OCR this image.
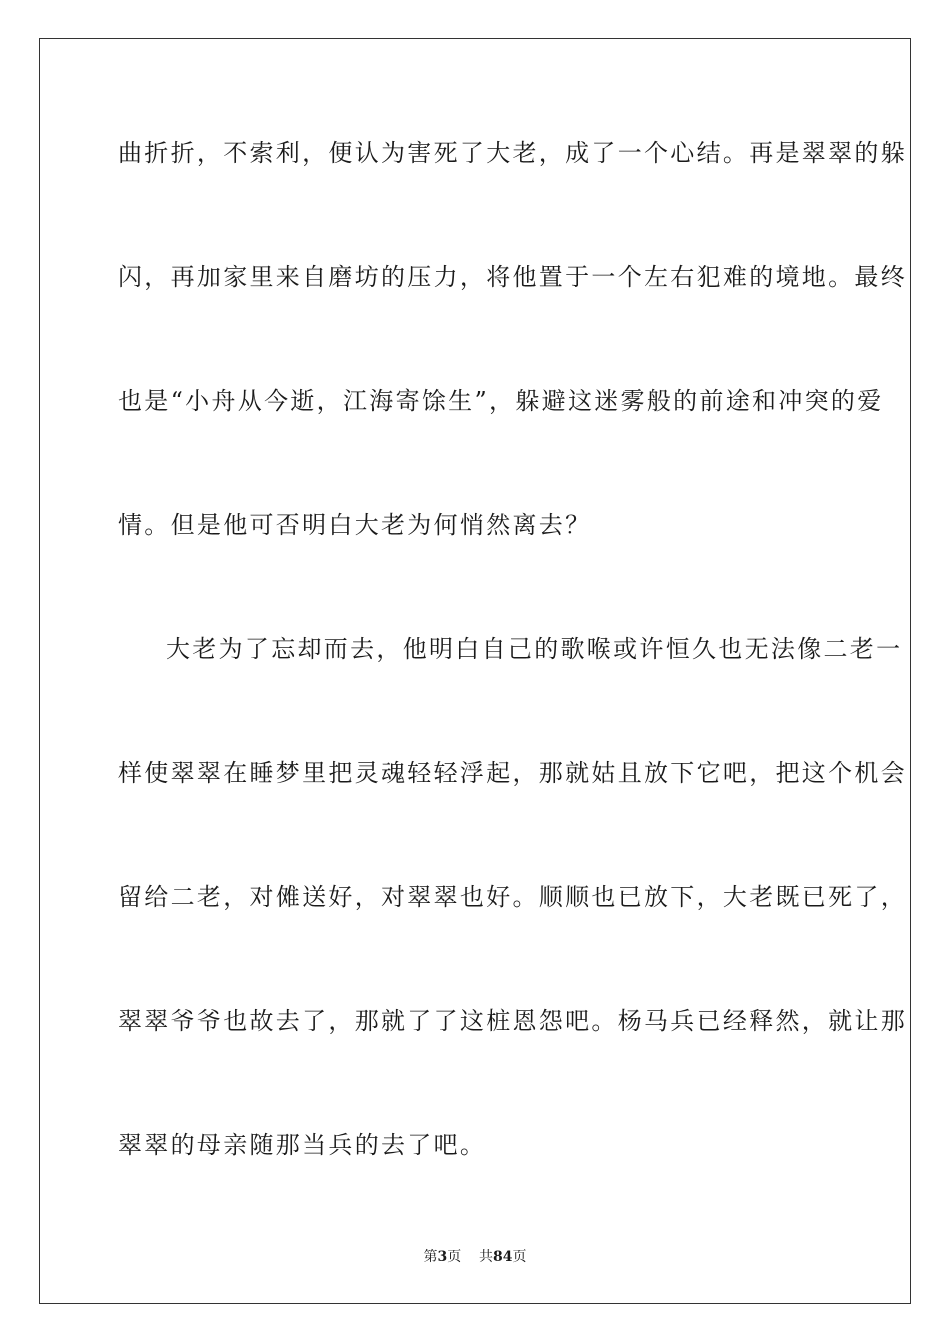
曲折折，不索利，便认为害死了大老，成了一个心结。再是翠翠的躲
闪，再加家里来自磨坊的压力，将他置于一个左右犯难的境地。最终
也是“小舟从今逝，江海寄馀生”，躲避这迷雾般的前途和冲突的爱
情。但是他可否明白大老为何悄然离去？
大老为了忘却而去，他明白自己的歌喉或许恒久也无法像二老一
样使翠翠在睡梦里把灵魂轻轻浮起，那就姑且放下它吧，把这个机会
留给二老，对傩送好，对翠翠也好。顺顺也已放下，大老既已死了，
翠翠爷爷也故去了，那就了了这桩恩怨吧。杨马兵已经释然，就让那
翠翠的母亲随那当兵的去了吧。
第3页 共84页
